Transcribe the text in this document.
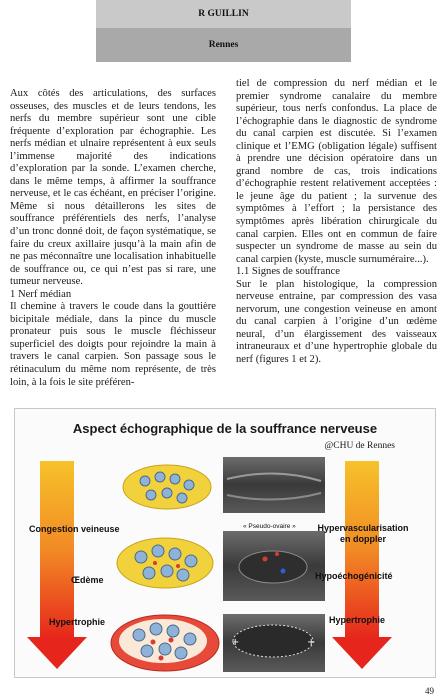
R GUILLIN
Rennes

Aux côtés des articulations, des surfaces osseuses, des muscles et de leurs tendons, les nerfs du membre supérieur sont une cible fréquente d’exploration par échographie. Les nerfs médian et ulnaire représentent à eux seuls l’immense majorité des indications d’exploration par la sonde. L’examen cherche, dans le même temps, à affirmer la souffrance nerveuse, et le cas échéant, en préciser l’origine. Même si nous détaillerons les sites de souffrance préférentiels des nerfs, l’analyse d’un tronc donné doit, de façon systématique, se faire du creux axillaire jusqu’à la main afin de ne pas méconnaître une localisation inhabituelle de souffrance ou, ce qui n’est pas si rare, une tumeur nerveuse.

1 Nerf médian

Il chemine à travers le coude dans la gouttière bicipitale médiale, dans la pince du muscle pronateur puis sous le muscle fléchisseur superficiel des doigts pour rejoindre la main à travers le canal carpien. Son passage sous le rétinaculum du même nom représente, de très loin, à la fois le site préféren-

tiel de compression du nerf médian et le premier syndrome canalaire du membre supérieur, tous nerfs confondus. La place de l’échographie dans le diagnostic de syndrome du canal carpien est discutée. Si l’examen clinique et l’EMG (obligation légale) suffisent à prendre une décision opératoire dans un grand nombre de cas, trois indications d’échographie restent relativement acceptées : le jeune âge du patient ; la survenue des symptômes à l’effort ; la persistance des symptômes après libération chirurgicale du canal carpien. Elles ont en commun de faire suspecter un syndrome de masse au sein du canal carpien (kyste, muscle surnuméraire...).

1.1 Signes de souffrance

Sur le plan histologique, la compression nerveuse entraine, par compression des vasa nervorum, une congestion veineuse en amont du canal carpien à l’origine d’un œdème neural, d’un élargissement des vaisseaux intraneuraux et d’une hypertrophie globale du nerf (figures 1 et 2).

Aspect échographique de la souffrance nerveuse
@CHU de Rennes
+	+
« Pseudo-ovaire »
Congestion veineuse
Œdème
Hypertrophie
Hypervascularisation en doppler
Hypoéchogénicité
Hypertrophie
49
